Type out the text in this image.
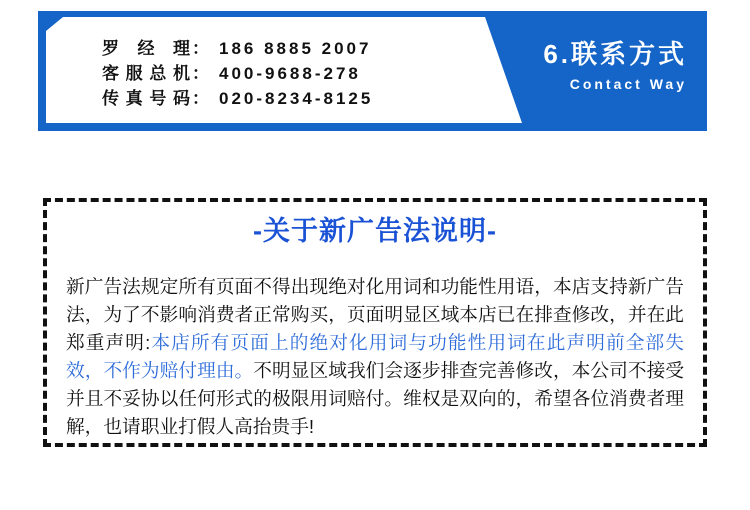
罗经理 ： 186 8885 2007
客服总机 ： 400-9688-278
传真号码 ： 020-8234-8125
6.联系方式
Contact Way
-关于新广告法说明-

新广告法规定所有页面不得出现绝对化用词和功能性用语，本店支持新广告法，为了不影响消费者正常购买，页面明显区域本店已在排查修改，并在此郑重声明:本店所有页面上的绝对化用词与功能性用词在此声明前全部失效，不作为赔付理由。不明显区域我们会逐步排查完善修改，本公司不接受并且不妥协以任何形式的极限用词赔付。维权是双向的，希望各位消费者理解，也请职业打假人高抬贵手!
